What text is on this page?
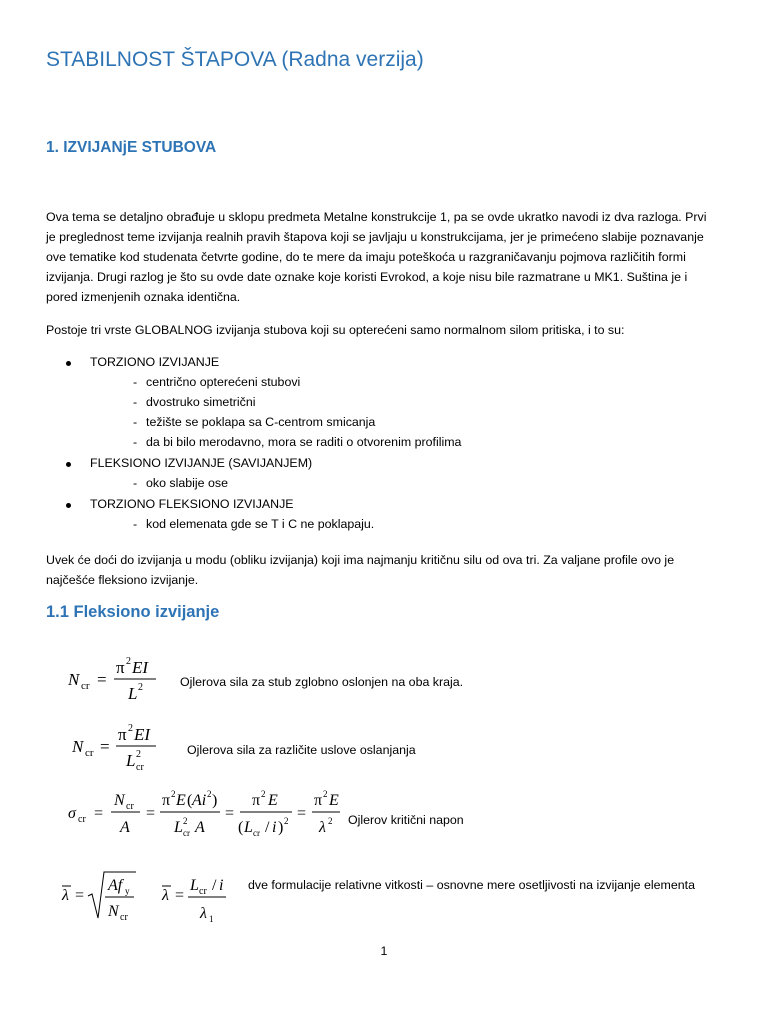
STABILNOST ŠTAPOVA (Radna verzija)
1. IZVIJANjE STUBOVA
Ova tema se detaljno obrađuje u sklopu predmeta Metalne konstrukcije 1, pa se ovde ukratko navodi iz dva razloga. Prvi
je preglednost teme izvijanja realnih pravih štapova koji se javljaju u konstrukcijama, jer je primećeno slabije poznavanje
ove tematike kod studenata četvrte godine, do te mere da imaju poteškoća u razgraničavanju pojmova različitih formi
izvijanja. Drugi razlog je što su ovde date oznake koje koristi Evrokod, a koje nisu bile razmatrane u MK1. Suština je i
pored izmenjenih oznaka identična.
Postoje tri vrste GLOBALNOG izvijanja stubova koji su opterećeni samo normalnom silom pritiska, i to su:
TORZIONO IZVIJANJE
- centrično opterećeni stubovi
- dvostruko simetrični
- težište se poklapa sa C-centrom smicanja
- da bi bilo merodavno, mora se raditi o otvorenim profilima
FLEKSIONO IZVIJANJE (SAVIJANJEM)
- oko slabije ose
TORZIONO FLEKSIONO IZVIJANJE
- kod elemenata gde se T i C ne poklapaju.
Uvek će doći do izvijanja u modu (obliku izvijanja) koji ima najmanju kritičnu silu od ova tri. Za valjane profile ovo je
najčešće fleksiono izvijanje.
1.1 Fleksiono izvijanje
N cr =
π 2 EI
L 2	Ojlerova sila za stub zglobno oslonjen na oba kraja.
N cr =
π 2 EI
L 2
cr
Ojlerova sila za različite uslove oslanjanja
σ cr =
N cr
A
=
π 2 E ( Ai 2 )
L 2
cr A
=
π 2 E
( L cr / i ) 2 =
π 2 E
λ 2 Ojlerov kritični napon
λ =
Af y
N cr
λ =
L cr / i
λ 1
dve formulacije relativne vitkosti – osnovne mere osetljivosti na izvijanje elementa
1
